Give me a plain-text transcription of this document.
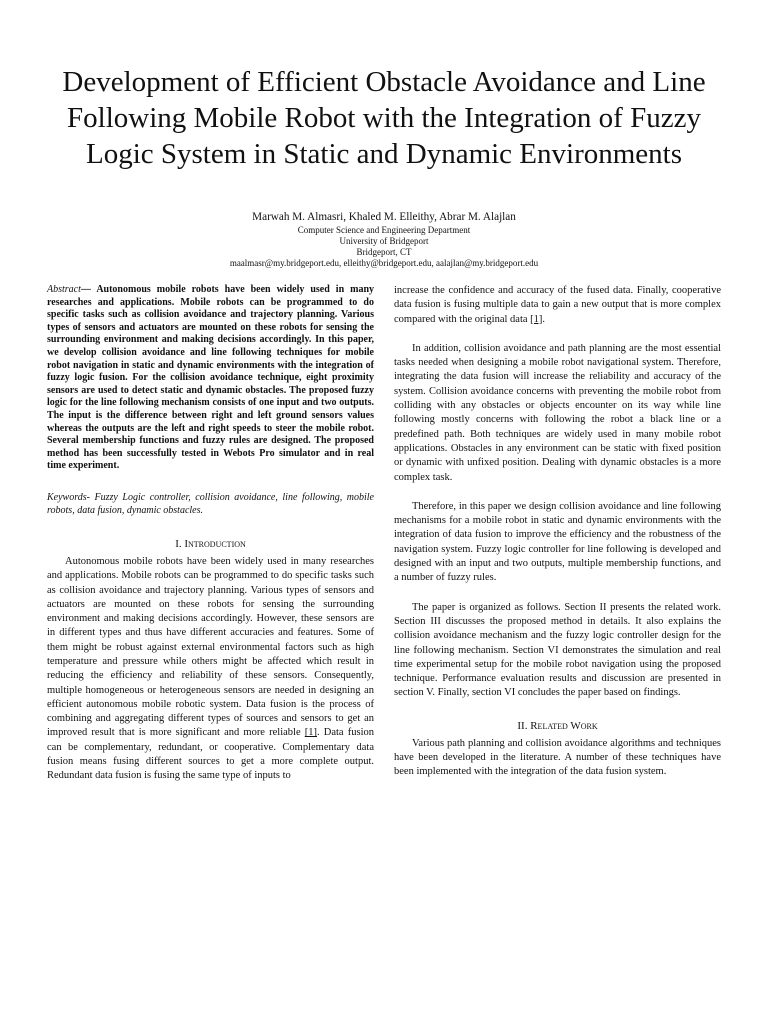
Development of Efficient Obstacle Avoidance and Line Following Mobile Robot with the Integration of Fuzzy Logic System in Static and Dynamic Environments
Marwah M. Almasri, Khaled M. Elleithy, Abrar M. Alajlan
Computer Science and Engineering Department
University of Bridgeport
Bridgeport, CT
maalmasr@my.bridgeport.edu, elleithy@bridgeport.edu, aalajlan@my.bridgeport.edu

Abstract— Autonomous mobile robots have been widely used in many researches and applications. Mobile robots can be programmed to do specific tasks such as collision avoidance and trajectory planning. Various types of sensors and actuators are mounted on these robots for sensing the surrounding environment and making decisions accordingly. In this paper, we develop collision avoidance and line following techniques for mobile robot navigation in static and dynamic environments with the integration of fuzzy logic fusion. For the collision avoidance technique, eight proximity sensors are used to detect static and dynamic obstacles. The proposed fuzzy logic for the line following mechanism consists of one input and two outputs. The input is the difference between right and left ground sensors values whereas the outputs are the left and right speeds to steer the mobile robot. Several membership functions and fuzzy rules are designed. The proposed method has been successfully tested in Webots Pro simulator and in real time experiment.

Keywords- Fuzzy Logic controller, collision avoidance, line following, mobile robots, data fusion, dynamic obstacles.

I. Introduction

Autonomous mobile robots have been widely used in many researches and applications. Mobile robots can be programmed to do specific tasks such as collision avoidance and trajectory planning. Various types of sensors and actuators are mounted on these robots for sensing the surrounding environment and making decisions accordingly. However, these sensors are in different types and thus have different accuracies and features. Some of them might be robust against external environmental factors such as high temperature and pressure while others might be affected which result in reducing the efficiency and reliability of these sensors. Consequently, multiple homogeneous or heterogeneous sensors are needed in designing an efficient autonomous mobile robotic system. Data fusion is the process of combining and aggregating different types of sources and sensors to get an improved result that is more significant and more reliable [1]. Data fusion can be complementary, redundant, or cooperative. Complementary data fusion means fusing different sources to get a more complete output. Redundant data fusion is fusing the same type of inputs to

increase the confidence and accuracy of the fused data. Finally, cooperative data fusion is fusing multiple data to gain a new output that is more complex compared with the original data [1].

In addition, collision avoidance and path planning are the most essential tasks needed when designing a mobile robot navigational system. Therefore, integrating the data fusion will increase the reliability and accuracy of the system. Collision avoidance concerns with preventing the mobile robot from colliding with any obstacles or objects encounter on its way while line following mostly concerns with following the robot a black line or a predefined path. Both techniques are widely used in many mobile robot applications. Obstacles in any environment can be static with fixed position or dynamic with unfixed position. Dealing with dynamic obstacles is a more complex task.

Therefore, in this paper we design collision avoidance and line following mechanisms for a mobile robot in static and dynamic environments with the integration of data fusion to improve the efficiency and the robustness of the navigation system. Fuzzy logic controller for line following is developed and designed with an input and two outputs, multiple membership functions, and a number of fuzzy rules.

The paper is organized as follows. Section II presents the related work. Section III discusses the proposed method in details. It also explains the collision avoidance mechanism and the fuzzy logic controller design for the line following mechanism. Section VI demonstrates the simulation and real time experimental setup for the mobile robot navigation using the proposed technique. Performance evaluation results and discussion are presented in section V. Finally, section VI concludes the paper based on findings.

II. Related Work

Various path planning and collision avoidance algorithms and techniques have been developed in the literature. A number of these techniques have been implemented with the integration of the data fusion system.
